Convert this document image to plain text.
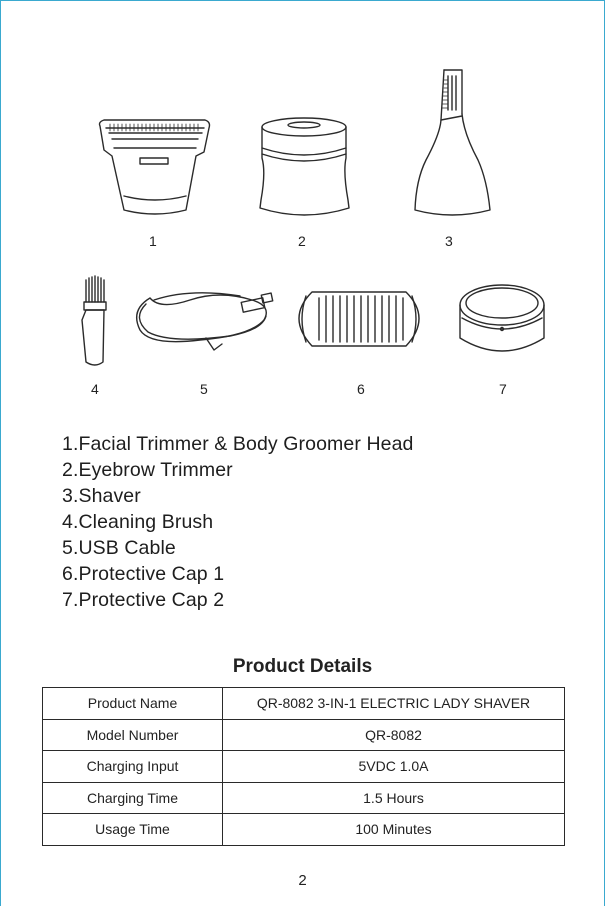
1	2	3
4	5	6	7
1.Facial Trimmer & Body Groomer Head
2.Eyebrow Trimmer
3.Shaver
4.Cleaning Brush
5.USB Cable
6.Protective Cap 1
7.Protective Cap 2
Product Details
Product Name	QR-8082 3-IN-1 ELECTRIC LADY SHAVER
Model Number	QR-8082
Charging Input	5VDC 1.0A
Charging Time	1.5 Hours
Usage Time	100 Minutes
2
